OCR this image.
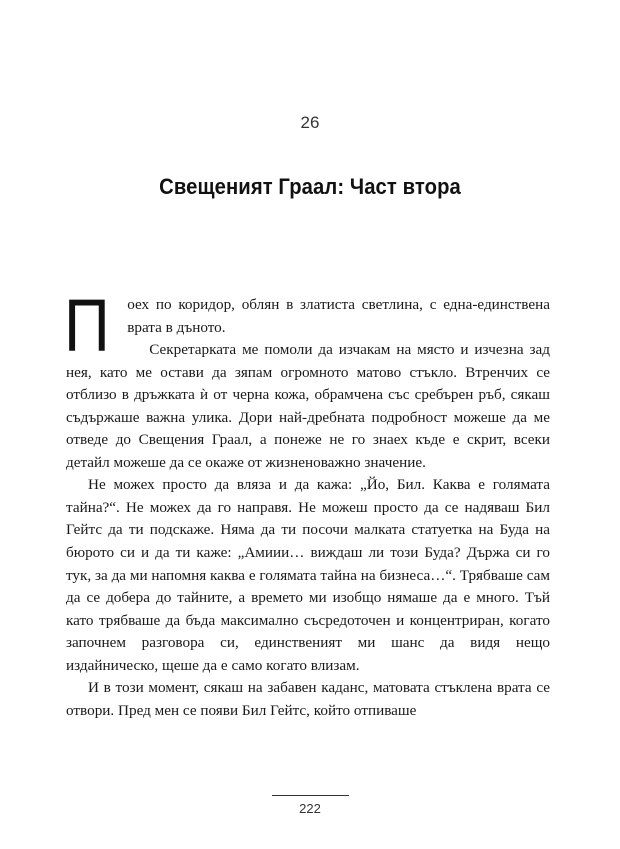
26
Свещеният Граал: Част втора

П оех по коридор, облян в златиста светлина, с една-единствена врата в дъното.

Секретарката ме помоли да изчакам на място и изчезна зад нея, като ме остави да зяпам огромното матово стъкло. Втренчих се отблизо в дръжката ѝ от черна кожа, обрамчена със сребърен ръб, сякаш съдържаше важна улика. Дори най-дребната подробност можеше да ме отведе до Свещения Граал, а понеже не го знаех къде е скрит, всеки детайл можеше да се окаже от жизненоважно значение.

Не можех просто да вляза и да кажа: „Йо, Бил. Каква е голямата тайна?“. Не можех да го направя. Не можеш просто да се надяваш Бил Гейтс да ти подскаже. Няма да ти посочи малката статуетка на Буда на бюрото си и да ти каже: „Амиии… виждаш ли този Буда? Държа си го тук, за да ми напомня каква е голямата тайна на бизнеса…“. Трябваше сам да се добера до тайните, а времето ми изобщо нямаше да е много. Тъй като трябваше да бъда максимално съсредоточен и концентриран, когато започнем разговора си, единственият ми шанс да видя нещо издайническо, щеше да е само когато влизам.

И в този момент, сякаш на забавен каданс, матовата стъклена врата се отвори. Пред мен се появи Бил Гейтс, който отпиваше

222
